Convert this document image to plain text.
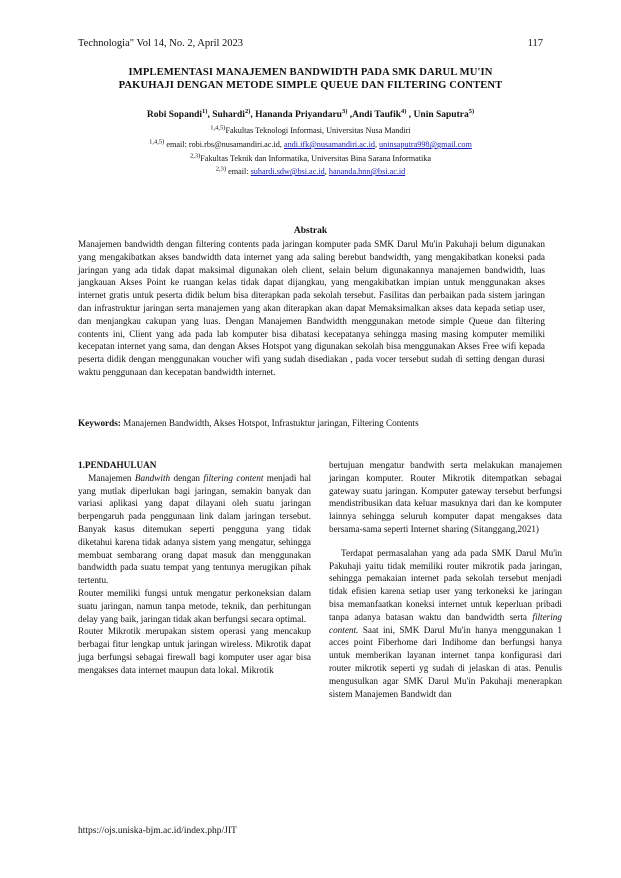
Technologia" Vol 14, No. 2, April 2023	117
IMPLEMENTASI MANAJEMEN BANDWIDTH PADA SMK DARUL MU'IN
PAKUHAJI DENGAN METODE SIMPLE QUEUE DAN FILTERING CONTENT
Robi Sopandi$^{1)}$, Suhardi$^{2)}$, Hananda Priyandaru$^{3)}$ ,Andi Taufik$^{4)}$ , Unin Saputra$^{5)}$
$^{1,4,5)}$Fakultas Teknologi Informasi, Universitas Nusa Mandiri
$^{1,4,5)}$ email: robi.rbs@nusamandiri.ac.id, andi.ifk@nusamandiri.ac.id, uninsaputra998@gmail.com
$^{2,3)}$Fakultas Teknik dan Informatika, Universitas Bina Sarana Informatika
$^{2,3)}$ email: suhardi.sdw@bsi.ac.id, hananda.hnn@bsi.ac.id
Abstrak
Manajemen bandwidth dengan filtering contents pada jaringan komputer pada SMK Darul Mu'in Pakuhaji belum digunakan yang mengakibatkan akses bandwidth data internet yang ada saling berebut bandwidth, yang mengakibatkan koneksi pada jaringan yang ada tidak dapat maksimal digunakan oleh client, selain belum digunakannya manajemen bandwidth, luas jangkauan Akses Point ke ruangan kelas tidak dapat dijangkau, yang mengakibatkan impian untuk menggunakan akses internet gratis untuk peserta didik belum bisa diterapkan pada sekolah tersebut. Fasilitas dan perbaikan pada sistem jaringan dan infrastruktur jaringan serta manajemen yang akan diterapkan akan dapat Memaksimalkan akses data kepada setiap user, dan menjangkau cakupan yang luas. Dengan Manajemen Bandwidth menggunakan metode simple Queue dan filtering contents ini, Client yang ada pada lab komputer bisa dibatasi kecepatanya sehingga masing masing komputer memiliki kecepatan internet yang sama, dan dengan Akses Hotspot yang digunakan sekolah bisa menggunakan Akses Free wifi kepada peserta didik dengan menggunakan voucher wifi yang sudah disediakan , pada vocer tersebut sudah di setting dengan durasi waktu penggunaan dan kecepatan bandwidth internet.
Keywords: Manajemen Bandwidth, Akses Hotspot, Infrastuktur jaringan, Filtering Contents

1.PENDAHULUAN

Manajemen Bandwith dengan filtering content menjadi hal yang mutlak diperlukan bagi jaringan, semakin banyak dan variasi aplikasi yang dapat dilayani oleh suatu jaringan berpengaruh pada penggunaan link dalam jaringan tersebut. Banyak kasus ditemukan seperti pengguna yang tidak diketahui karena tidak adanya sistem yang mengatur, sehingga membuat sembarang orang dapat masuk dan menggunakan bandwidth pada suatu tempat yang tentunya merugikan pihak tertentu.

Router memiliki fungsi untuk mengatur perkoneksian dalam suatu jaringan, namun tanpa metode, teknik, dan perhitungan delay yang baik, jaringan tidak akan berfungsi secara optimal.

Router Mikrotik merupakan sistem operasi yang mencakup berbagai fitur lengkap untuk jaringan wireless. Mikrotik dapat juga berfungsi sebagai firewall bagi komputer user agar bisa mengakses data internet maupun data lokal. Mikrotik

bertujuan mengatur bandwith serta melakukan manajemen jaringan komputer. Router Mikrotik ditempatkan sebagai gateway suatu jaringan. Komputer gateway tersebut berfungsi mendistribusikan data keluar masuknya dari dan ke komputer lainnya sehingga seluruh komputer dapat mengakses data bersama-sama seperti Internet sharing (Sitanggang,2021)

Terdapat permasalahan yang ada pada SMK Darul Mu'in Pakuhaji yaitu tidak memiliki router mikrotik pada jaringan, sehingga pemakaian internet pada sekolah tersebut menjadi tidak efisien karena setiap user yang terkoneksi ke jaringan bisa memanfaatkan koneksi internet untuk keperluan pribadi tanpa adanya batasan waktu dan bandwidth serta filtering content. Saat ini, SMK Darul Mu'in hanya menggunakan 1 acces point Fiberhome dari Indihome dan berfungsi hanya untuk memberikan layanan internet tanpa konfigurasi dari router mikrotik seperti yg sudah di jelaskan di atas. Penulis mengusulkan agar SMK Darul Mu'in Pakuhaji menerapkan sistem Manajemen Bandwidt dan

https://ojs.uniska-bjm.ac.id/index.php/JIT
